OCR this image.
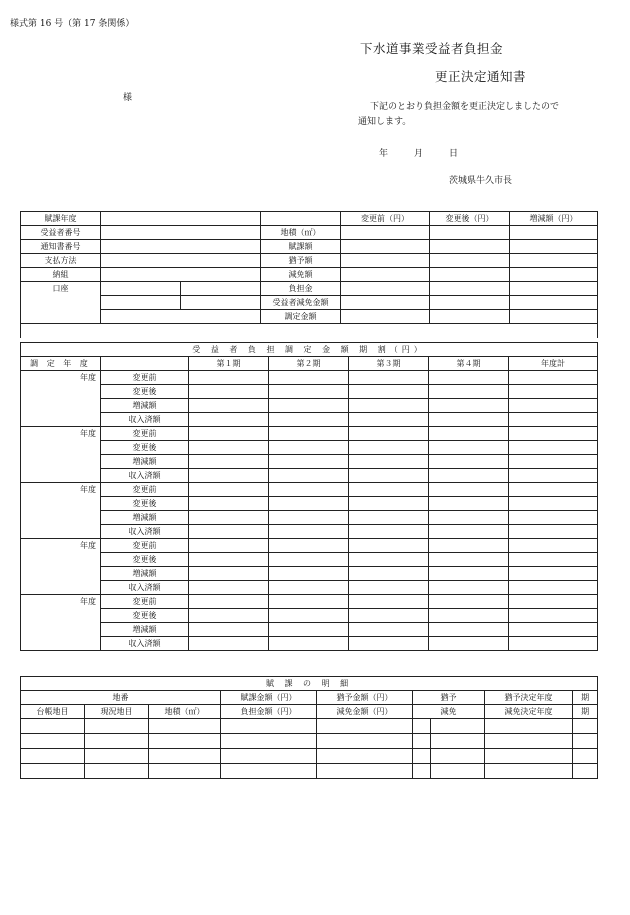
様式第 16 号（第 17 条関係）
下水道事業受益者負担金
更正決定通知書
様
下記のとおり負担金額を更正決定しましたので
通知します。
年	月	日
茨城県牛久市長
賦課年度				変更前（円）	変更後（円）	増減額（円）
受益者番号			地積（㎡）			
通知書番号			賦課額			
支払方法			猶予額			
納組			減免額			
口座			負担金			
			受益者減免金額			
			調定金額			

受 益 者 負 担 調 定 金 額 期 割（円）						
調 定 年 度		第１期	第２期	第３期	第４期	年度計
年度	変更前					
	変更後					
	増減額					
	収入済額					
年度	変更前					
	変更後					
	増減額					
	収入済額					
年度	変更前					
	変更後					
	増減額					
	収入済額					
年度	変更前					
	変更後					
	増減額					
	収入済額					
年度	変更前					
	変更後					
	増減額					
	収入済額					
賦 課 の 明 細								
地番			賦課金額（円）	猶予金額（円）	猶予		猶予決定年度	期
台帳地目	現況地目	地積（㎡）	負担金額（円）	減免金額（円）	減免		減免決定年度	期
